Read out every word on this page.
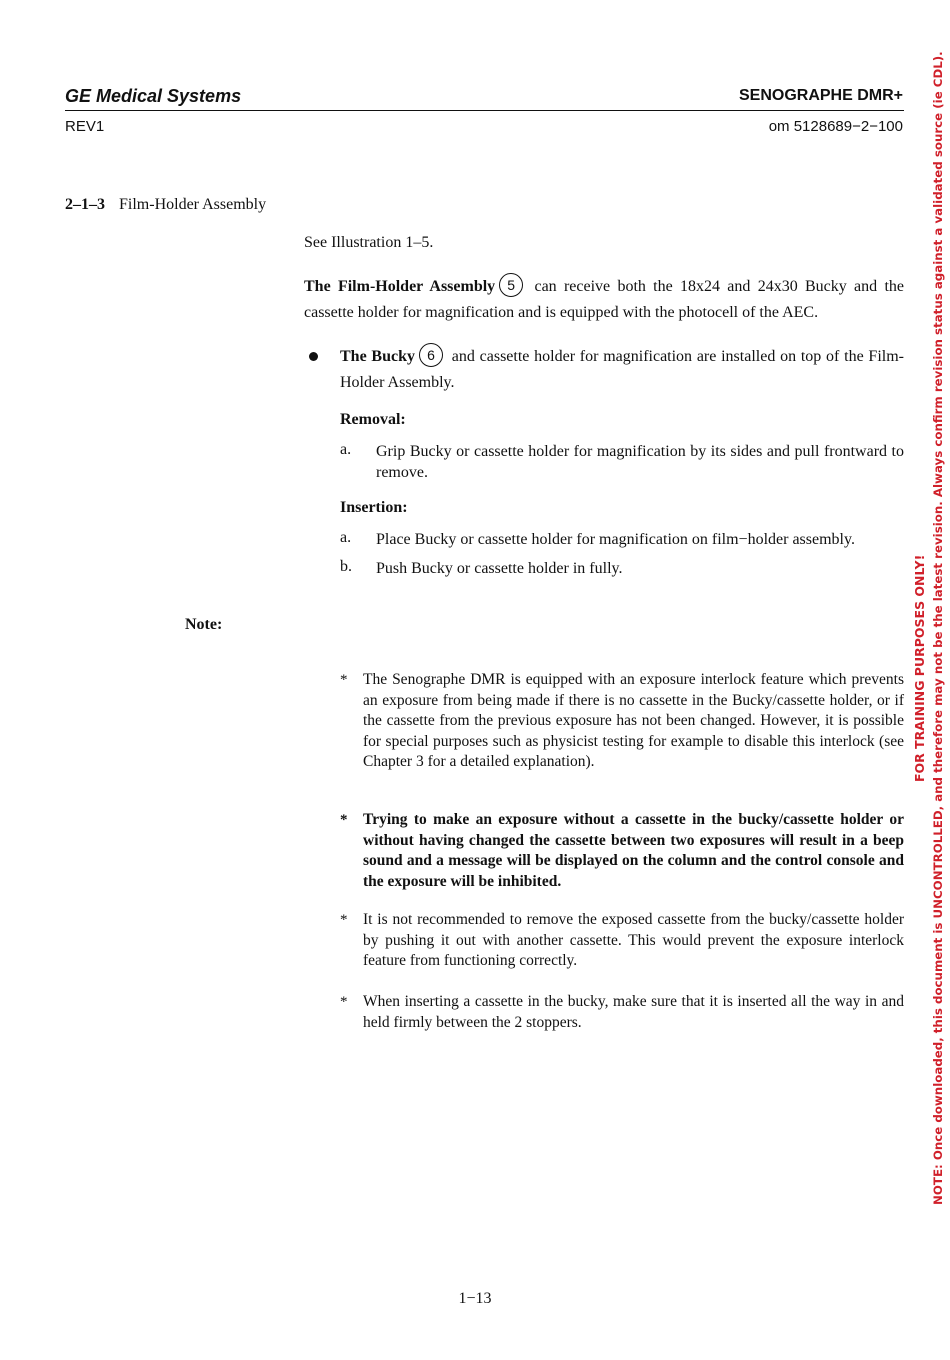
GE Medical Systems	SENOGRAPHE DMR+
REV1	om 5128689−2−100
2–1–3 Film-Holder Assembly
See Illustration 1–5.
The Film-Holder Assembly 5 can receive both the 18x24 and 24x30 Bucky and the cassette holder for magnification and is equipped with the photocell of the AEC.
The Bucky 6 and cassette holder for magnification are installed on top of the Film-Holder Assembly.
Removal:
a. Grip Bucky or cassette holder for magnification by its sides and pull frontward to remove.
Insertion:
a. Place Bucky or cassette holder for magnification on film−holder assembly.
b. Push Bucky or cassette holder in fully.
Note:
* The Senographe DMR is equipped with an exposure interlock feature which prevents an exposure from being made if there is no cassette in the Bucky/cassette holder, or if the cassette from the previous exposure has not been changed. However, it is possible for special purposes such as physicist testing for example to disable this interlock (see Chapter 3 for a detailed explanation).
* Trying to make an exposure without a cassette in the bucky/cassette holder or without having changed the cassette between two exposures will result in a beep sound and a message will be displayed on the column and the control console and the exposure will be inhibited.
* It is not recommended to remove the exposed cassette from the bucky/cassette holder by pushing it out with another cassette. This would prevent the exposure interlock feature from functioning correctly.
* When inserting a cassette in the bucky, make sure that it is inserted all the way in and held firmly between the 2 stoppers.
1−13
FOR TRAINING PURPOSES ONLY! NOTE: Once downloaded, this document is UNCONTROLLED, and therefore may not be the latest revision. Always confirm revision status against a validated source (ie CDL).
